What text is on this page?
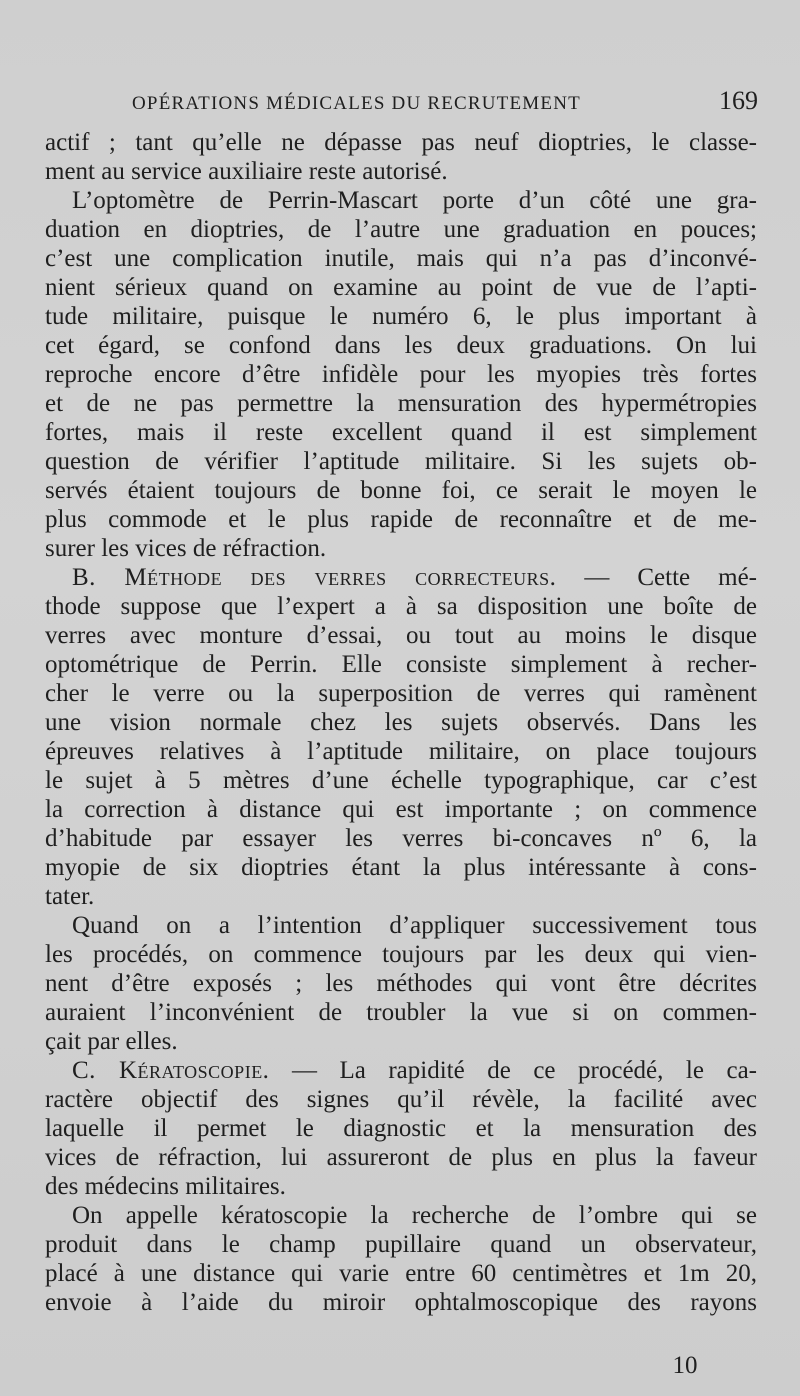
OPÉRATIONS MÉDICALES DU RECRUTEMENT	169
actif ; tant qu’elle ne dépasse pas neuf dioptries, le classe-
ment au service auxiliaire reste autorisé.
L’optomètre de Perrin-Mascart porte d’un côté une gra-
duation en dioptries, de l’autre une graduation en pouces;
c’est une complication inutile, mais qui n’a pas d’inconvé-
nient sérieux quand on examine au point de vue de l’apti-
tude militaire, puisque le numéro 6, le plus important à
cet égard, se confond dans les deux graduations. On lui
reproche encore d’être infidèle pour les myopies très fortes
et de ne pas permettre la mensuration des hypermétropies
fortes, mais il reste excellent quand il est simplement
question de vérifier l’aptitude militaire. Si les sujets ob-
servés étaient toujours de bonne foi, ce serait le moyen le
plus commode et le plus rapide de reconnaître et de me-
surer les vices de réfraction.
B. Méthode des verres correcteurs. — Cette mé-
thode suppose que l’expert a à sa disposition une boîte de
verres avec monture d’essai, ou tout au moins le disque
optométrique de Perrin. Elle consiste simplement à recher-
cher le verre ou la superposition de verres qui ramènent
une vision normale chez les sujets observés. Dans les
épreuves relatives à l’aptitude militaire, on place toujours
le sujet à 5 mètres d’une échelle typographique, car c’est
la correction à distance qui est importante ; on commence
d’habitude par essayer les verres bi-concaves nº 6, la
myopie de six dioptries étant la plus intéressante à cons-
tater.
Quand on a l’intention d’appliquer successivement tous
les procédés, on commence toujours par les deux qui vien-
nent d’être exposés ; les méthodes qui vont être décrites
auraient l’inconvénient de troubler la vue si on commen-
çait par elles.
C. Kératoscopie. — La rapidité de ce procédé, le ca-
ractère objectif des signes qu’il révèle, la facilité avec
laquelle il permet le diagnostic et la mensuration des
vices de réfraction, lui assureront de plus en plus la faveur
des médecins militaires.
On appelle kératoscopie la recherche de l’ombre qui se
produit dans le champ pupillaire quand un observateur,
placé à une distance qui varie entre 60 centimètres et 1m 20,
envoie à l’aide du miroir ophtalmoscopique des rayons
10
